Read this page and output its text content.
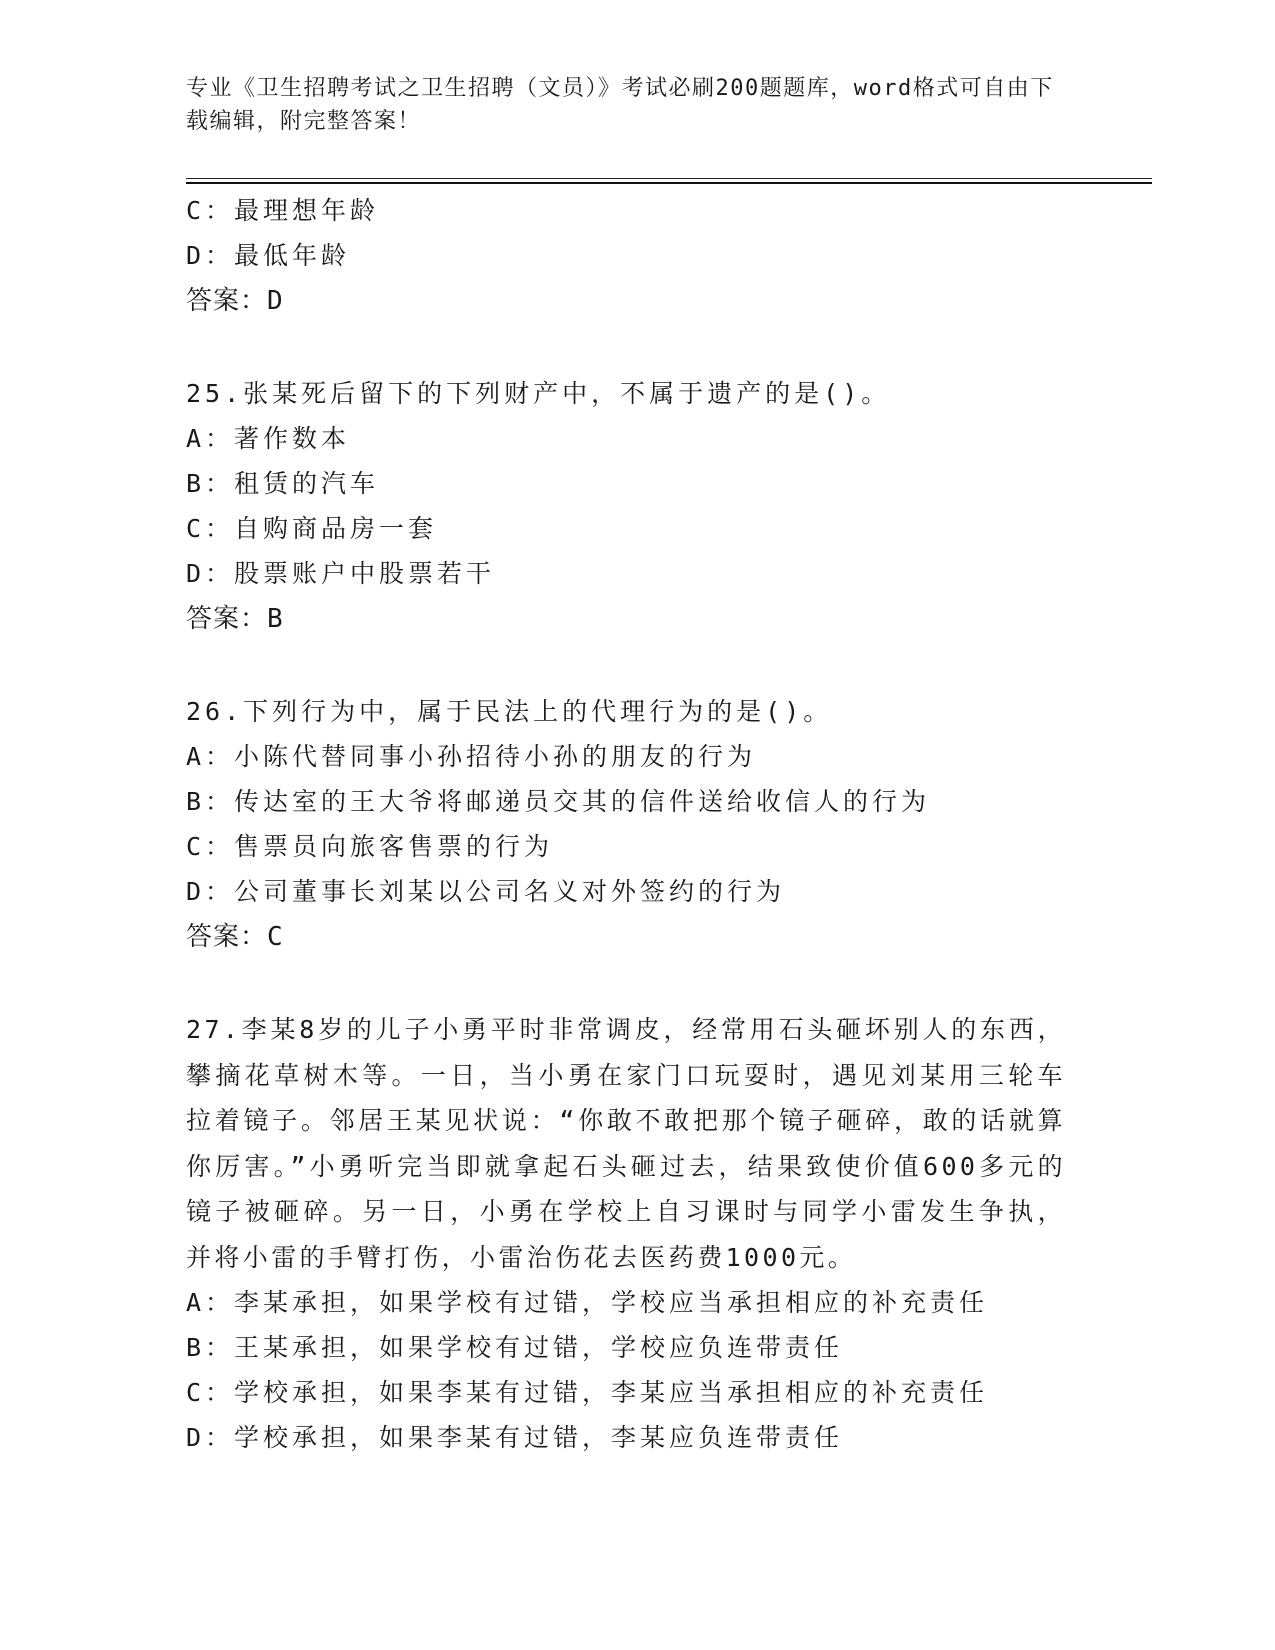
专业《卫生招聘考试之卫生招聘（文员）》考试必刷200题题库，word格式可自由下载编辑，附完整答案！
C：最理想年龄
D：最低年龄
答案：D
25.张某死后留下的下列财产中，不属于遗产的是()。
A：著作数本
B：租赁的汽车
C：自购商品房一套
D：股票账户中股票若干
答案：B
26.下列行为中，属于民法上的代理行为的是()。
A：小陈代替同事小孙招待小孙的朋友的行为
B：传达室的王大爷将邮递员交其的信件送给收信人的行为
C：售票员向旅客售票的行为
D：公司董事长刘某以公司名义对外签约的行为
答案：C
27.李某8岁的儿子小勇平时非常调皮，经常用石头砸坏别人的东西，攀摘花草树木等。一日，当小勇在家门口玩耍时，遇见刘某用三轮车拉着镜子。邻居王某见状说：“你敢不敢把那个镜子砸碎，敢的话就算你厉害。”小勇听完当即就拿起石头砸过去，结果致使价值600多元的镜子被砸碎。另一日，小勇在学校上自习课时与同学小雷发生争执，并将小雷的手臂打伤，小雷治伤花去医药费1000元。
A：李某承担，如果学校有过错，学校应当承担相应的补充责任
B：王某承担，如果学校有过错，学校应负连带责任
C：学校承担，如果李某有过错，李某应当承担相应的补充责任
D：学校承担，如果李某有过错，李某应负连带责任
